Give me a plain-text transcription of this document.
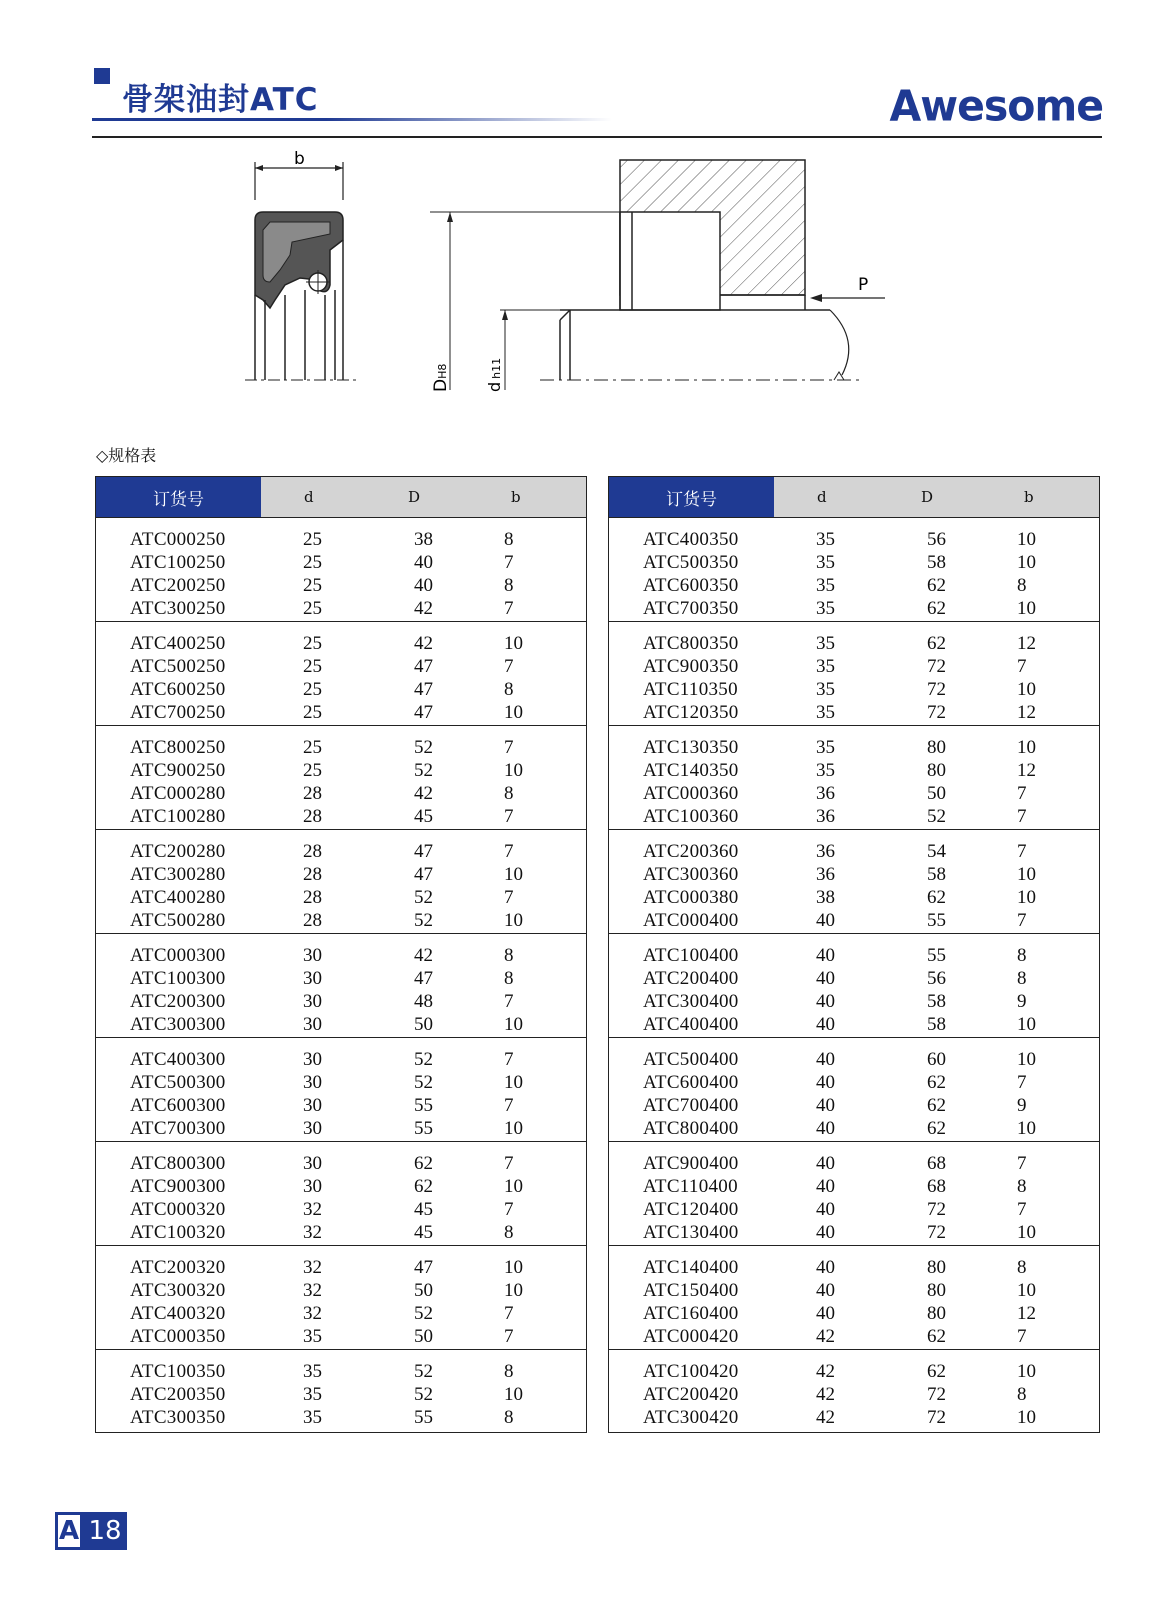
骨架油封ATC	Awesome
b
DH8
dh11
P
◇规格表
订货号	d	D	b
ATC000250	25	38	8
ATC100250	25	40	7
ATC200250	25	40	8
ATC300250	25	42	7
ATC400250	25	42	10
ATC500250	25	47	7
ATC600250	25	47	8
ATC700250	25	47	10
ATC800250	25	52	7
ATC900250	25	52	10
ATC000280	28	42	8
ATC100280	28	45	7
ATC200280	28	47	7
ATC300280	28	47	10
ATC400280	28	52	7
ATC500280	28	52	10
ATC000300	30	42	8
ATC100300	30	47	8
ATC200300	30	48	7
ATC300300	30	50	10
ATC400300	30	52	7
ATC500300	30	52	10
ATC600300	30	55	7
ATC700300	30	55	10
ATC800300	30	62	7
ATC900300	30	62	10
ATC000320	32	45	7
ATC100320	32	45	8
ATC200320	32	47	10
ATC300320	32	50	10
ATC400320	32	52	7
ATC000350	35	50	7
ATC100350	35	52	8
ATC200350	35	52	10
ATC300350	35	55	8
订货号	d	D	b
ATC400350	35	56	10
ATC500350	35	58	10
ATC600350	35	62	8
ATC700350	35	62	10
ATC800350	35	62	12
ATC900350	35	72	7
ATC110350	35	72	10
ATC120350	35	72	12
ATC130350	35	80	10
ATC140350	35	80	12
ATC000360	36	50	7
ATC100360	36	52	7
ATC200360	36	54	7
ATC300360	36	58	10
ATC000380	38	62	10
ATC000400	40	55	7
ATC100400	40	55	8
ATC200400	40	56	8
ATC300400	40	58	9
ATC400400	40	58	10
ATC500400	40	60	10
ATC600400	40	62	7
ATC700400	40	62	9
ATC800400	40	62	10
ATC900400	40	68	7
ATC110400	40	68	8
ATC120400	40	72	7
ATC130400	40	72	10
ATC140400	40	80	8
ATC150400	40	80	10
ATC160400	40	80	12
ATC000420	42	62	7
ATC100420	42	62	10
ATC200420	42	72	8
ATC300420	42	72	10
A 18
